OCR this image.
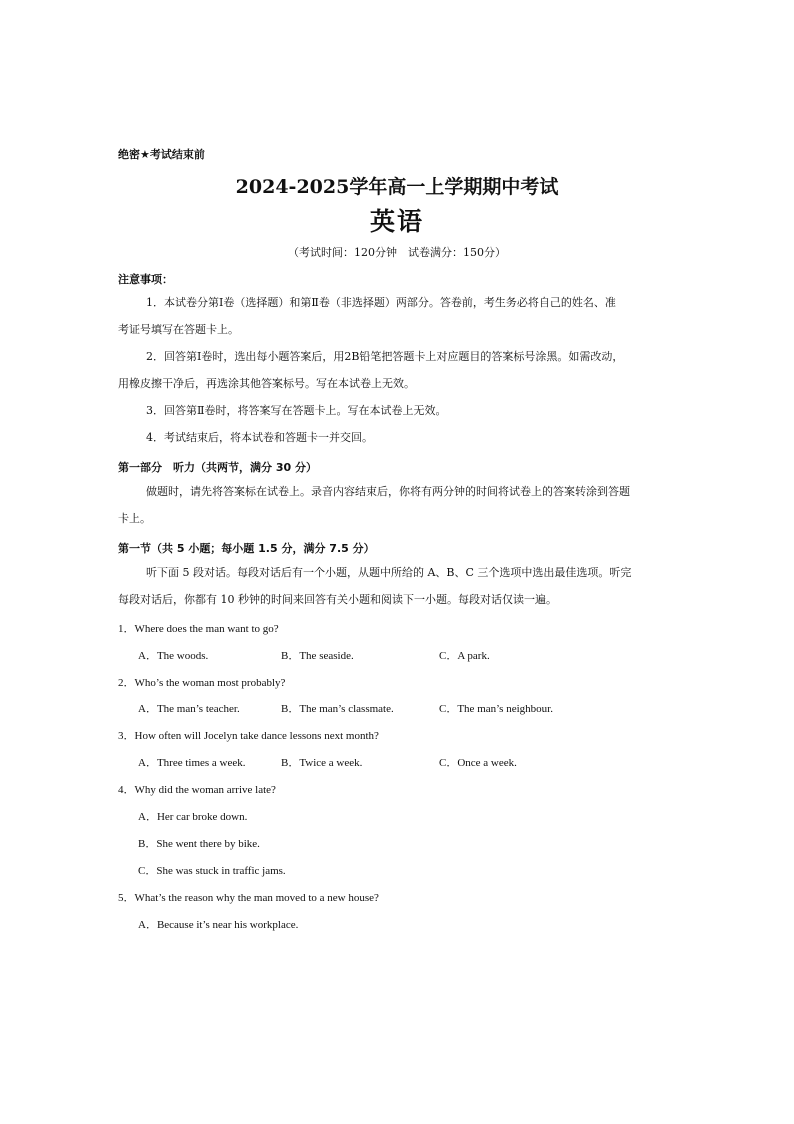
绝密★考试结束前
2024-2025学年高一上学期期中考试
英语
（考试时间：120分钟　试卷满分：150分）
注意事项：
1．本试卷分第Ⅰ卷（选择题）和第Ⅱ卷（非选择题）两部分。答卷前，考生务必将自己的姓名、准
考证号填写在答题卡上。
2．回答第Ⅰ卷时，选出每小题答案后，用2B铅笔把答题卡上对应题目的答案标号涂黑。如需改动，
用橡皮擦干净后，再选涂其他答案标号。写在本试卷上无效。
3．回答第Ⅱ卷时，将答案写在答题卡上。写在本试卷上无效。
4．考试结束后，将本试卷和答题卡一并交回。
第一部分　听力（共两节，满分 30 分）
做题时，请先将答案标在试卷上。录音内容结束后，你将有两分钟的时间将试卷上的答案转涂到答题
卡上。
第一节（共 5 小题；每小题 1.5 分，满分 7.5 分）
听下面 5 段对话。每段对话后有一个小题，从题中所给的 A、B、C 三个选项中选出最佳选项。听完
每段对话后，你都有 10 秒钟的时间来回答有关小题和阅读下一小题。每段对话仅读一遍。
1．Where does the man want to go?
A．The woods.	B．The seaside.	C．A park.
2．Who’s the woman most probably?
A．The man’s teacher.	B．The man’s classmate.	C．The man’s neighbour.
3．How often will Jocelyn take dance lessons next month?
A．Three times a week.	B．Twice a week.	C．Once a week.
4．Why did the woman arrive late?
A．Her car broke down.
B．She went there by bike.
C．She was stuck in traffic jams.
5．What’s the reason why the man moved to a new house?
A．Because it’s near his workplace.
